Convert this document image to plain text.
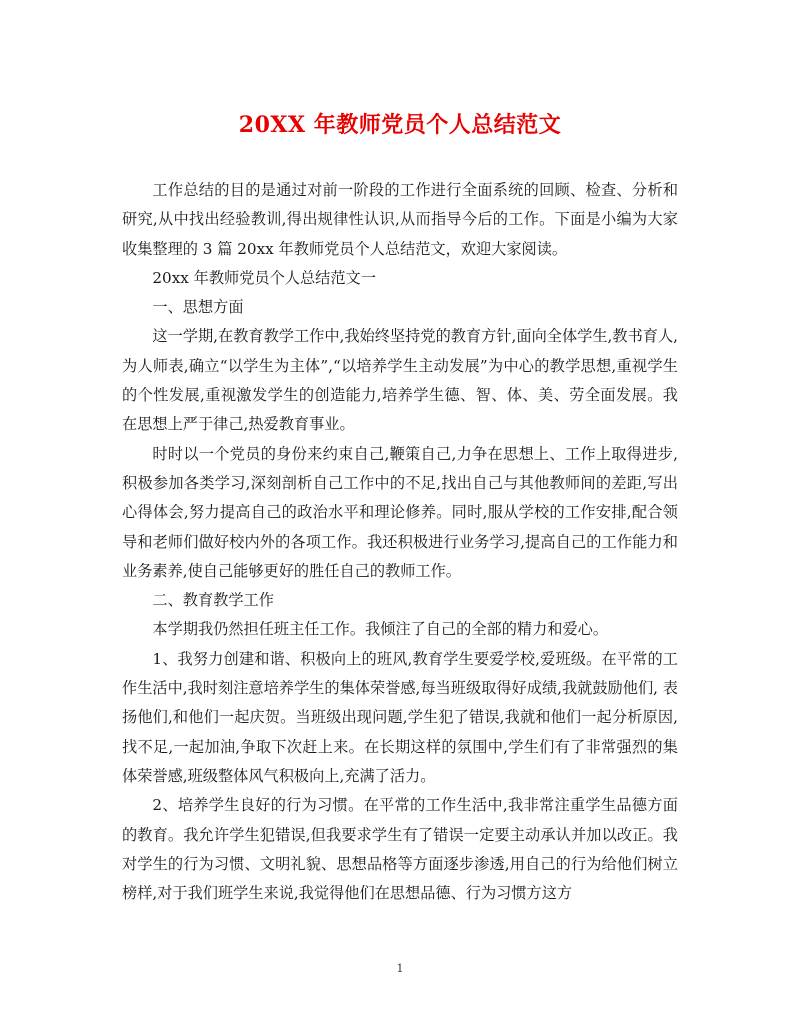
20XX 年教师党员个人总结范文

工作总结的目的是通过对前一阶段的工作进行全面系统的回顾、检查、分析和研究,从中找出经验教训,得出规律性认识,从而指导今后的工作。下面是小编为大家收集整理的 3 篇 20xx 年教师党员个人总结范文，欢迎大家阅读。

20xx 年教师党员个人总结范文一

一、思想方面

这一学期,在教育教学工作中,我始终坚持党的教育方针,面向全体学生,教书育人,为人师表,确立“以学生为主体”,“以培养学生主动发展”为中心的教学思想,重视学生的个性发展,重视激发学生的创造能力,培养学生德、智、体、美、劳全面发展。我在思想上严于律己,热爱教育事业。

时时以一个党员的身份来约束自己,鞭策自己,力争在思想上、工作上取得进步,积极参加各类学习,深刻剖析自己工作中的不足,找出自己与其他教师间的差距,写出心得体会,努力提高自己的政治水平和理论修养。同时,服从学校的工作安排,配合领导和老师们做好校内外的各项工作。我还积极进行业务学习,提高自己的工作能力和业务素养,使自己能够更好的胜任自己的教师工作。

二、教育教学工作

本学期我仍然担任班主任工作。我倾注了自己的全部的精力和爱心。

1、我努力创建和谐、积极向上的班风,教育学生要爱学校,爱班级。在平常的工作生活中,我时刻注意培养学生的集体荣誉感,每当班级取得好成绩,我就鼓励他们, 表扬他们,和他们一起庆贺。当班级出现问题,学生犯了错误,我就和他们一起分析原因,找不足,一起加油,争取下次赶上来。在长期这样的氛围中,学生们有了非常强烈的集体荣誉感,班级整体风气积极向上,充满了活力。

2、培养学生良好的行为习惯。在平常的工作生活中,我非常注重学生品德方面的教育。我允许学生犯错误,但我要求学生有了错误一定要主动承认并加以改正。我对学生的行为习惯、文明礼貌、思想品格等方面逐步渗透,用自己的行为给他们树立榜样,对于我们班学生来说,我觉得他们在思想品德、行为习惯方这方

1
